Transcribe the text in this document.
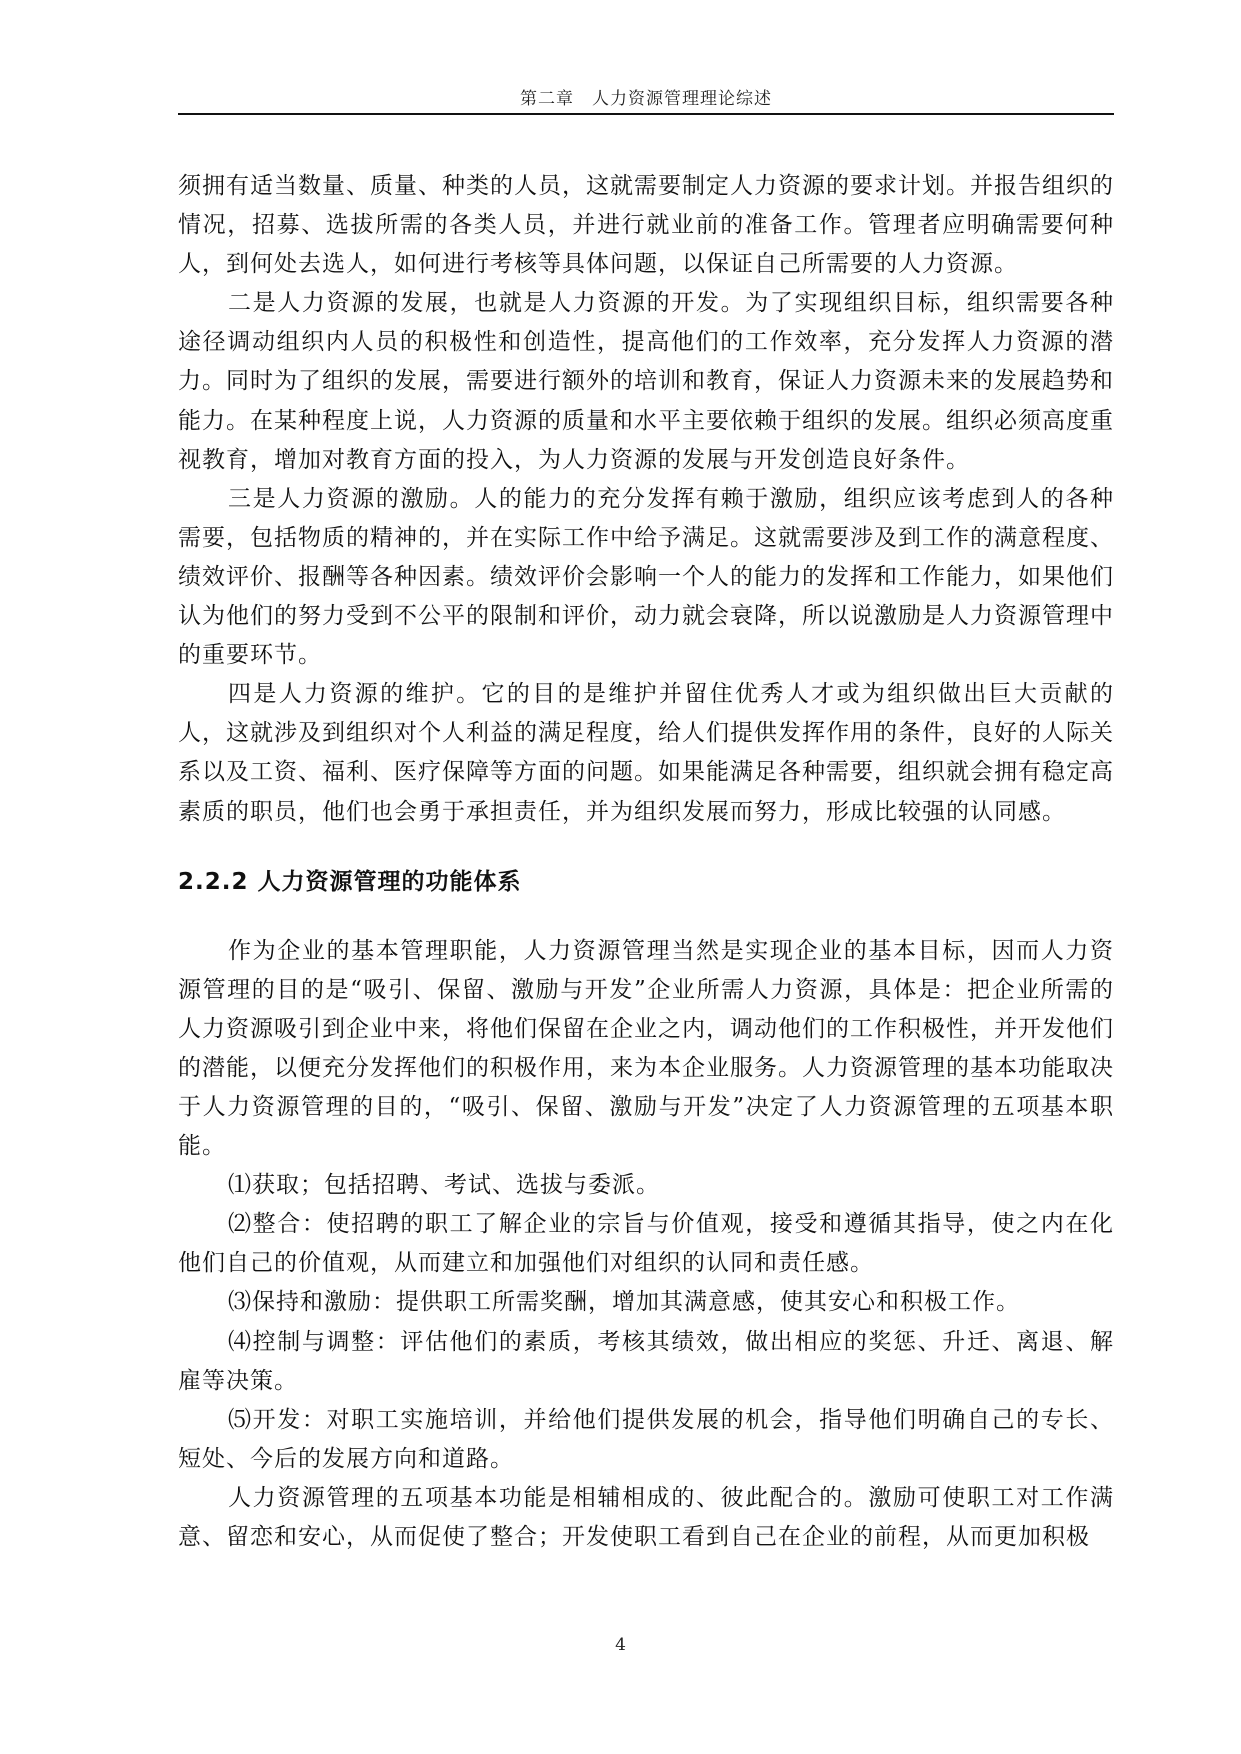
第二章　人力资源管理理论综述

须拥有适当数量、质量、种类的人员，这就需要制定人力资源的要求计划。并报告组织的情况，招募、选拔所需的各类人员，并进行就业前的准备工作。管理者应明确需要何种人，到何处去选人，如何进行考核等具体问题，以保证自己所需要的人力资源。

二是人力资源的发展，也就是人力资源的开发。为了实现组织目标，组织需要各种途径调动组织内人员的积极性和创造性，提高他们的工作效率，充分发挥人力资源的潜力。同时为了组织的发展，需要进行额外的培训和教育，保证人力资源未来的发展趋势和能力。在某种程度上说，人力资源的质量和水平主要依赖于组织的发展。组织必须高度重视教育，增加对教育方面的投入，为人力资源的发展与开发创造良好条件。

三是人力资源的激励。人的能力的充分发挥有赖于激励，组织应该考虑到人的各种需要，包括物质的精神的，并在实际工作中给予满足。这就需要涉及到工作的满意程度、绩效评价、报酬等各种因素。绩效评价会影响一个人的能力的发挥和工作能力，如果他们认为他们的努力受到不公平的限制和评价，动力就会衰降，所以说激励是人力资源管理中的重要环节。

四是人力资源的维护。它的目的是维护并留住优秀人才或为组织做出巨大贡献的人，这就涉及到组织对个人利益的满足程度，给人们提供发挥作用的条件，良好的人际关系以及工资、福利、医疗保障等方面的问题。如果能满足各种需要，组织就会拥有稳定高素质的职员，他们也会勇于承担责任，并为组织发展而努力，形成比较强的认同感。

2.2.2 人力资源管理的功能体系

作为企业的基本管理职能，人力资源管理当然是实现企业的基本目标，因而人力资源管理的目的是“吸引、保留、激励与开发”企业所需人力资源，具体是：把企业所需的人力资源吸引到企业中来，将他们保留在企业之内，调动他们的工作积极性，并开发他们的潜能，以便充分发挥他们的积极作用，来为本企业服务。人力资源管理的基本功能取决于人力资源管理的目的，“吸引、保留、激励与开发”决定了人力资源管理的五项基本职能。

⑴获取；包括招聘、考试、选拔与委派。

⑵整合：使招聘的职工了解企业的宗旨与价值观，接受和遵循其指导，使之内在化他们自己的价值观，从而建立和加强他们对组织的认同和责任感。

⑶保持和激励：提供职工所需奖酬，增加其满意感，使其安心和积极工作。

⑷控制与调整：评估他们的素质，考核其绩效，做出相应的奖惩、升迁、离退、解雇等决策。

⑸开发：对职工实施培训，并给他们提供发展的机会，指导他们明确自己的专长、短处、今后的发展方向和道路。

人力资源管理的五项基本功能是相辅相成的、彼此配合的。激励可使职工对工作满意、留恋和安心，从而促使了整合；开发使职工看到自己在企业的前程，从而更加积极

4
